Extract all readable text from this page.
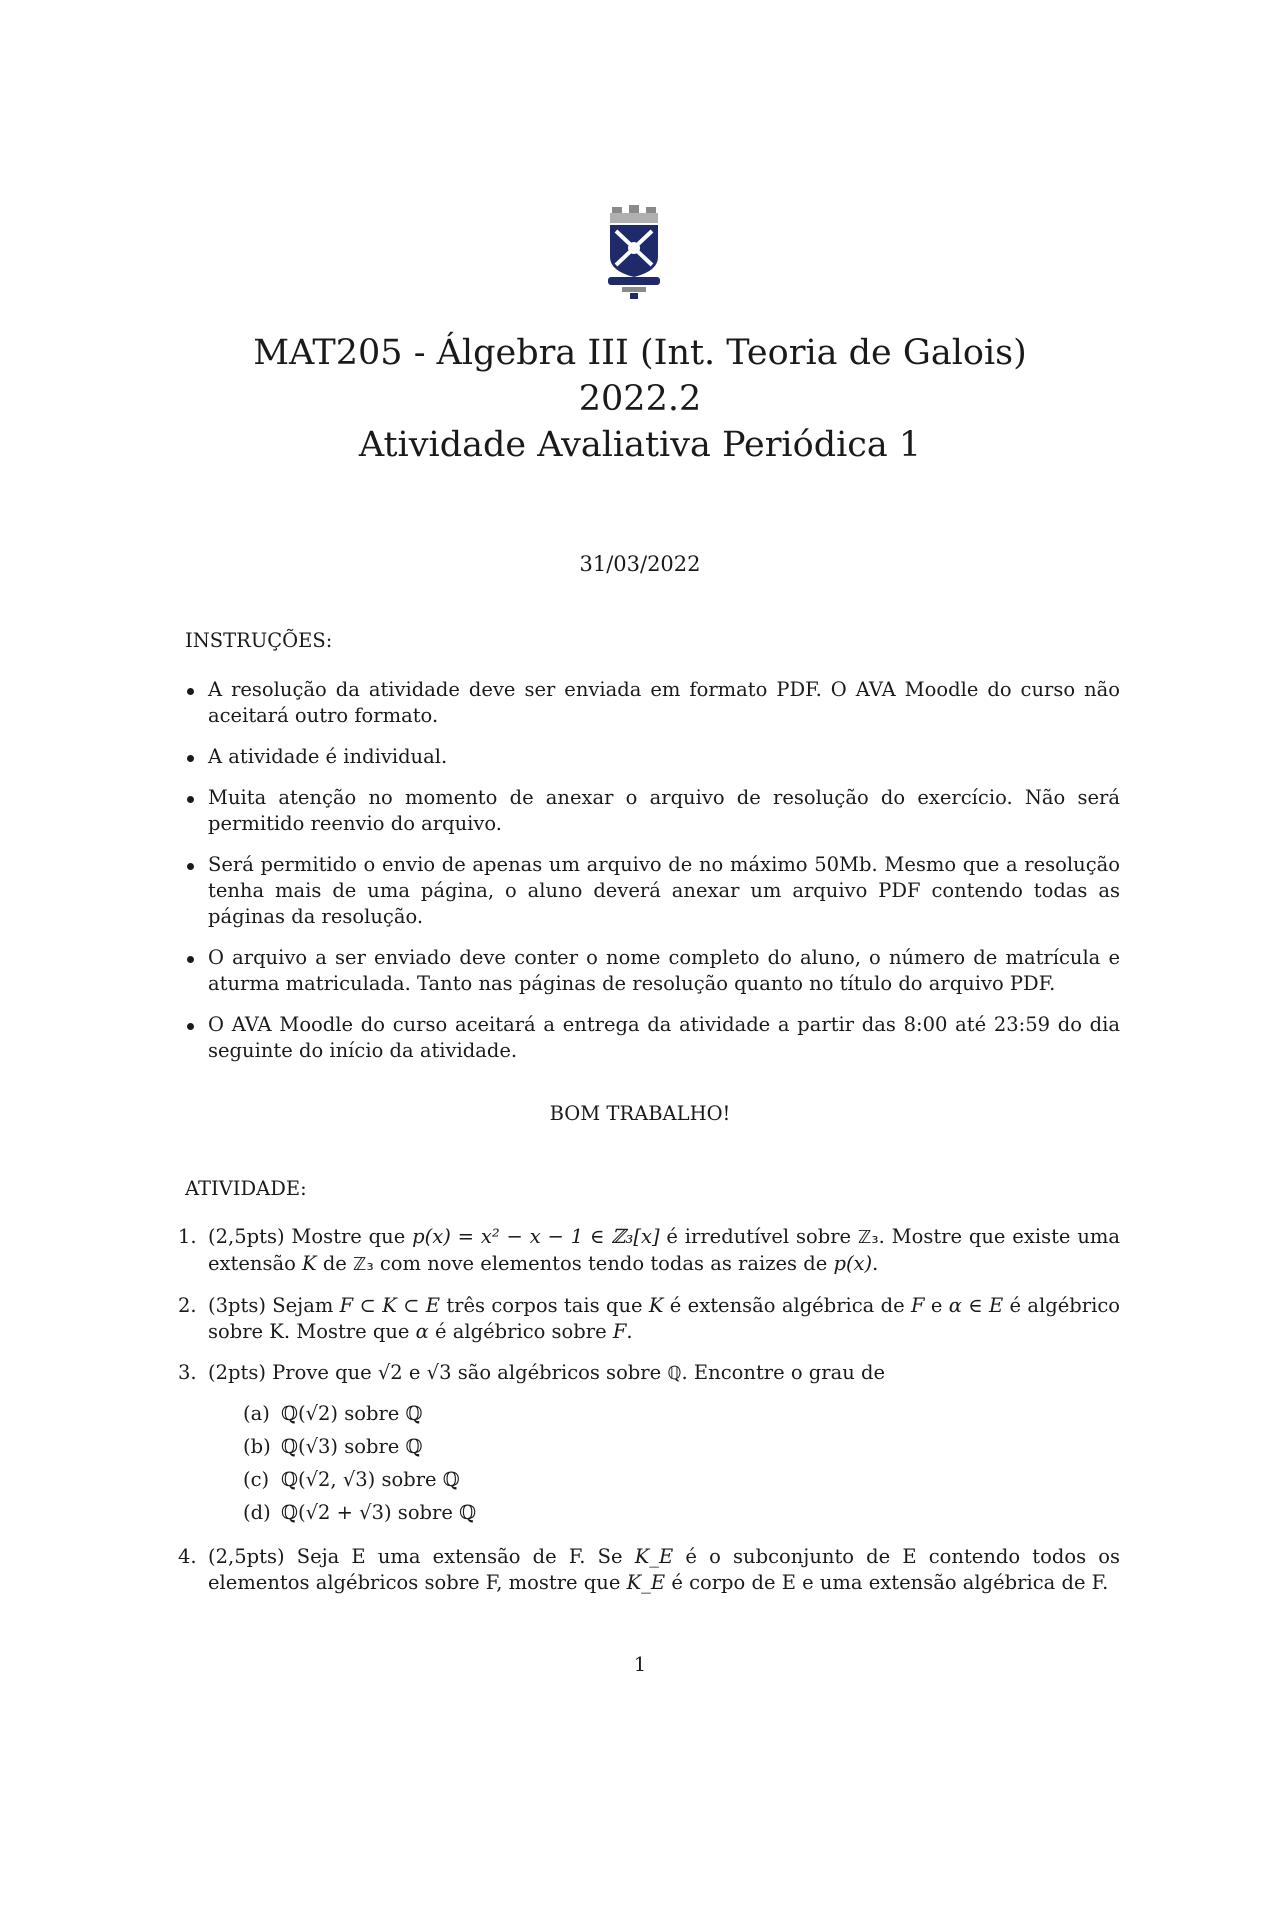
MAT205 - Álgebra III (Int. Teoria de Galois)
2022.2
Atividade Avaliativa Periódica 1
31/03/2022
INSTRUÇÕES:
A resolução da atividade deve ser enviada em formato PDF. O AVA Moodle do curso não aceitará outro formato.
A atividade é individual.
Muita atenção no momento de anexar o arquivo de resolução do exercício. Não será permitido reenvio do arquivo.
Será permitido o envio de apenas um arquivo de no máximo 50Mb. Mesmo que a resolução tenha mais de uma página, o aluno deverá anexar um arquivo PDF contendo todas as páginas da resolução.
O arquivo a ser enviado deve conter o nome completo do aluno, o número de matrícula e aturma matriculada. Tanto nas páginas de resolução quanto no título do arquivo PDF.
O AVA Moodle do curso aceitará a entrega da atividade a partir das 8:00 até 23:59 do dia seguinte do início da atividade.
BOM TRABALHO!
ATIVIDADE:
1. (2,5pts) Mostre que p(x) = x² − x − 1 ∈ ℤ₃[x] é irredutível sobre ℤ₃. Mostre que existe uma extensão K de ℤ₃ com nove elementos tendo todas as raizes de p(x).
2. (3pts) Sejam F ⊂ K ⊂ E três corpos tais que K é extensão algébrica de F e α ∈ E é algébrico sobre K. Mostre que α é algébrico sobre F.
3. (2pts) Prove que √2 e √3 são algébricos sobre ℚ. Encontre o grau de
(a) ℚ(√2) sobre ℚ
(b) ℚ(√3) sobre ℚ
(c) ℚ(√2, √3) sobre ℚ
(d) ℚ(√2 + √3) sobre ℚ
4. (2,5pts) Seja E uma extensão de F. Se K_E é o subconjunto de E contendo todos os elementos algébricos sobre F, mostre que K_E é corpo de E e uma extensão algébrica de F.
1
